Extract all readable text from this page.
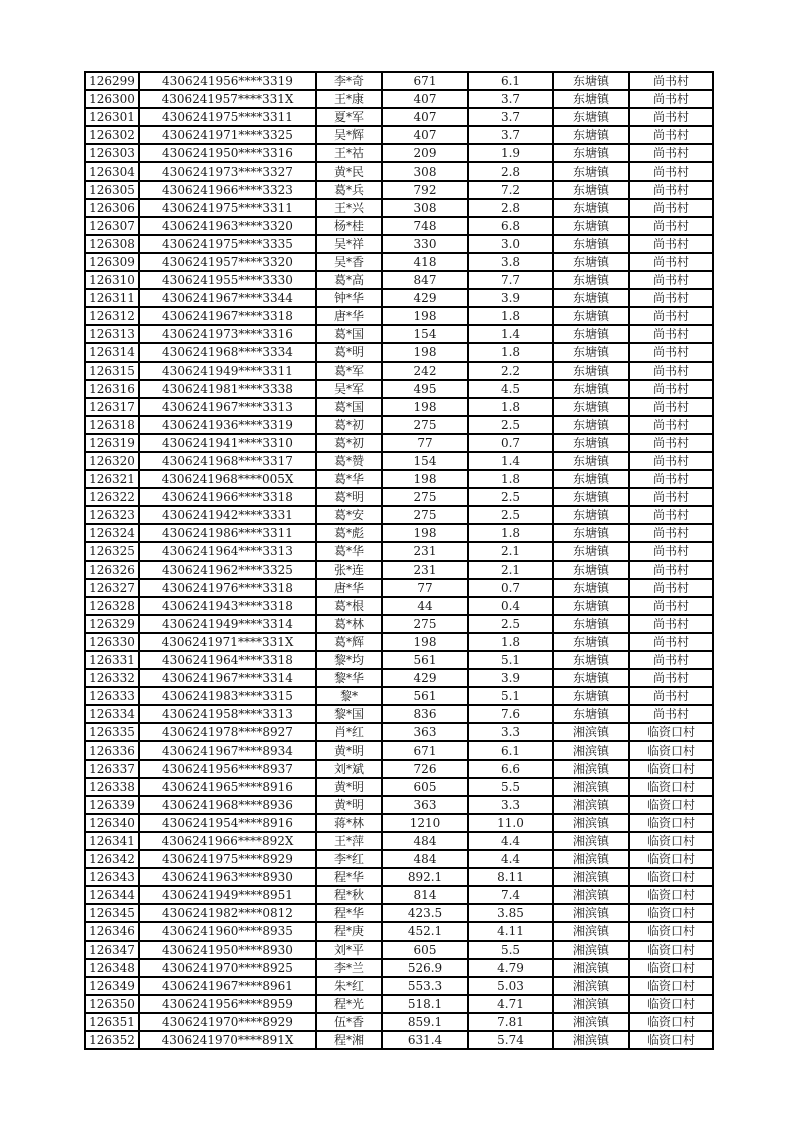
126299	4306241956****3319	李*奇	671	6.1	东塘镇	尚书村
126300	4306241957****331X	王*康	407	3.7	东塘镇	尚书村
126301	4306241975****3311	夏*军	407	3.7	东塘镇	尚书村
126302	4306241971****3325	吴*辉	407	3.7	东塘镇	尚书村
126303	4306241950****3316	王*祜	209	1.9	东塘镇	尚书村
126304	4306241973****3327	黄*民	308	2.8	东塘镇	尚书村
126305	4306241966****3323	葛*兵	792	7.2	东塘镇	尚书村
126306	4306241975****3311	王*兴	308	2.8	东塘镇	尚书村
126307	4306241963****3320	杨*桂	748	6.8	东塘镇	尚书村
126308	4306241975****3335	吴*祥	330	3.0	东塘镇	尚书村
126309	4306241957****3320	吴*香	418	3.8	东塘镇	尚书村
126310	4306241955****3330	葛*高	847	7.7	东塘镇	尚书村
126311	4306241967****3344	钟*华	429	3.9	东塘镇	尚书村
126312	4306241967****3318	唐*华	198	1.8	东塘镇	尚书村
126313	4306241973****3316	葛*国	154	1.4	东塘镇	尚书村
126314	4306241968****3334	葛*明	198	1.8	东塘镇	尚书村
126315	4306241949****3311	葛*军	242	2.2	东塘镇	尚书村
126316	4306241981****3338	吴*军	495	4.5	东塘镇	尚书村
126317	4306241967****3313	葛*国	198	1.8	东塘镇	尚书村
126318	4306241936****3319	葛*初	275	2.5	东塘镇	尚书村
126319	4306241941****3310	葛*初	77	0.7	东塘镇	尚书村
126320	4306241968****3317	葛*赞	154	1.4	东塘镇	尚书村
126321	4306241968****005X	葛*华	198	1.8	东塘镇	尚书村
126322	4306241966****3318	葛*明	275	2.5	东塘镇	尚书村
126323	4306241942****3331	葛*安	275	2.5	东塘镇	尚书村
126324	4306241986****3311	葛*彪	198	1.8	东塘镇	尚书村
126325	4306241964****3313	葛*华	231	2.1	东塘镇	尚书村
126326	4306241962****3325	张*连	231	2.1	东塘镇	尚书村
126327	4306241976****3318	唐*华	77	0.7	东塘镇	尚书村
126328	4306241943****3318	葛*根	44	0.4	东塘镇	尚书村
126329	4306241949****3314	葛*林	275	2.5	东塘镇	尚书村
126330	4306241971****331X	葛*辉	198	1.8	东塘镇	尚书村
126331	4306241964****3318	黎*均	561	5.1	东塘镇	尚书村
126332	4306241967****3314	黎*华	429	3.9	东塘镇	尚书村
126333	4306241983****3315	黎*	561	5.1	东塘镇	尚书村
126334	4306241958****3313	黎*国	836	7.6	东塘镇	尚书村
126335	4306241978****8927	肖*红	363	3.3	湘滨镇	临资口村
126336	4306241967****8934	黄*明	671	6.1	湘滨镇	临资口村
126337	4306241956****8937	刘*斌	726	6.6	湘滨镇	临资口村
126338	4306241965****8916	黄*明	605	5.5	湘滨镇	临资口村
126339	4306241968****8936	黄*明	363	3.3	湘滨镇	临资口村
126340	4306241954****8916	蒋*林	1210	11.0	湘滨镇	临资口村
126341	4306241966****892X	王*萍	484	4.4	湘滨镇	临资口村
126342	4306241975****8929	李*红	484	4.4	湘滨镇	临资口村
126343	4306241963****8930	程*华	892.1	8.11	湘滨镇	临资口村
126344	4306241949****8951	程*秋	814	7.4	湘滨镇	临资口村
126345	4306241982****0812	程*华	423.5	3.85	湘滨镇	临资口村
126346	4306241960****8935	程*庚	452.1	4.11	湘滨镇	临资口村
126347	4306241950****8930	刘*平	605	5.5	湘滨镇	临资口村
126348	4306241970****8925	李*兰	526.9	4.79	湘滨镇	临资口村
126349	4306241967****8961	朱*红	553.3	5.03	湘滨镇	临资口村
126350	4306241956****8959	程*光	518.1	4.71	湘滨镇	临资口村
126351	4306241970****8929	伍*香	859.1	7.81	湘滨镇	临资口村
126352	4306241970****891X	程*湘	631.4	5.74	湘滨镇	临资口村
